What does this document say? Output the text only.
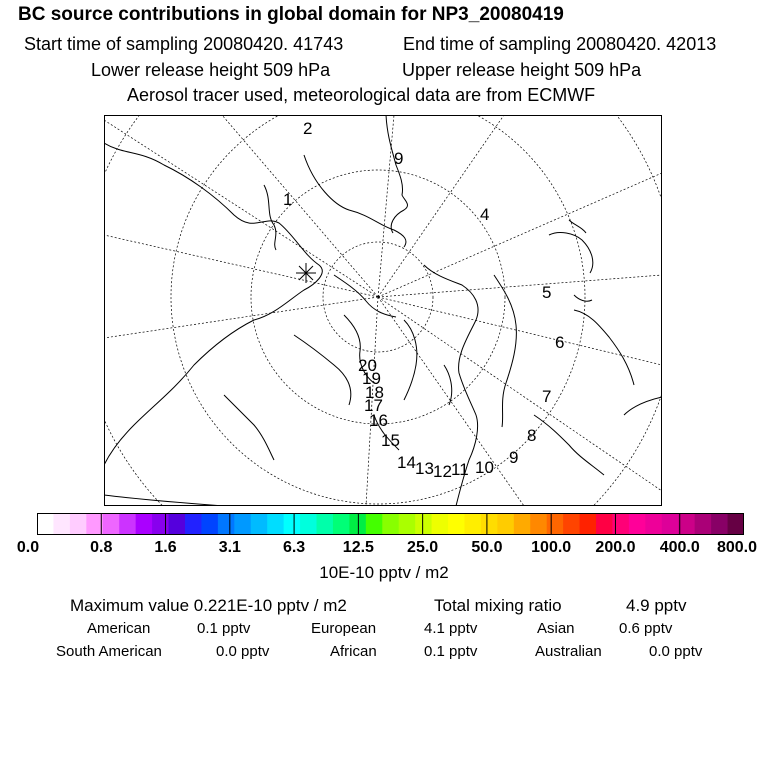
BC source contributions in global domain for NP3_20080419
Start time of sampling 20080420. 41743	End time of sampling 20080420. 42013
Lower release height 509 hPa	Upper release height 509 hPa
Aerosol tracer used, meteorological data are from ECMWF
2
9
1
4
5
6
7
8
9
10
11
12
13
14
15
16
17
18
19
20
0.0	0.8	1.6	3.1	6.3 12.5 25.0 50.0 100.0 200.0 400.0 800.0
10E-10 pptv / m2
Maximum value 0.221E-10 pptv / m2	Total mixing ratio	4.9 pptv
American	0.1 pptv	European	4.1 pptv	Asian	0.6 pptv
South American	0.0 pptv	African	0.1 pptv	Australian	0.0 pptv
